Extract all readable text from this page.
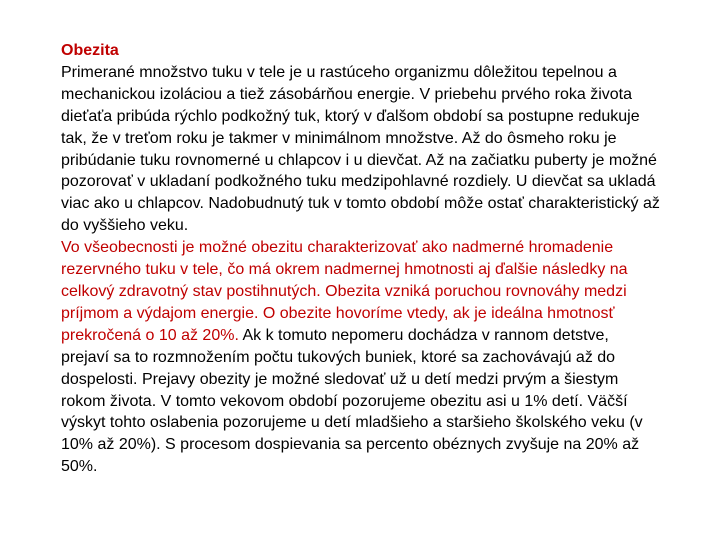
Obezita
Primerané množstvo tuku v tele je u rastúceho organizmu dôležitou tepelnou a mechanickou izoláciou a tiež zásobárňou energie. V priebehu prvého roka života dieťaťa pribúda rýchlo podkožný tuk, ktorý v ďalšom období sa postupne redukuje tak, že v treťom roku je takmer v minimálnom množstve. Až do ôsmeho roku je pribúdanie tuku rovnomerné u chlapcov i u dievčat. Až na začiatku puberty je možné pozorovať v ukladaní podkožného tuku medzipohlavné rozdiely. U dievčat sa ukladá viac ako u chlapcov. Nadobudnutý tuk v tomto období môže ostať charakteristický až do vyššieho veku.
Vo všeobecnosti je možné obezitu charakterizovať ako nadmerné hromadenie rezervného tuku v tele, čo má okrem nadmernej hmotnosti aj ďalšie následky na celkový zdravotný stav postihnutých. Obezita vzniká poruchou rovnováhy medzi príjmom a výdajom energie. O obezite hovoríme vtedy, ak je ideálna hmotnosť prekročená o 10 až 20%. Ak k tomuto nepomeru dochádza v rannom detstve, prejaví sa to rozmnožením počtu tukových buniek, ktoré sa zachovávajú až do dospelosti. Prejavy obezity je možné sledovať už u detí medzi prvým a šiestym rokom života. V tomto vekovom období pozorujeme obezitu asi u 1% detí. Väčší výskyt tohto oslabenia pozorujeme u detí mladšieho a staršieho školského veku (v 10% až 20%). S procesom dospievania sa percento obéznych zvyšuje na 20% až 50%.
